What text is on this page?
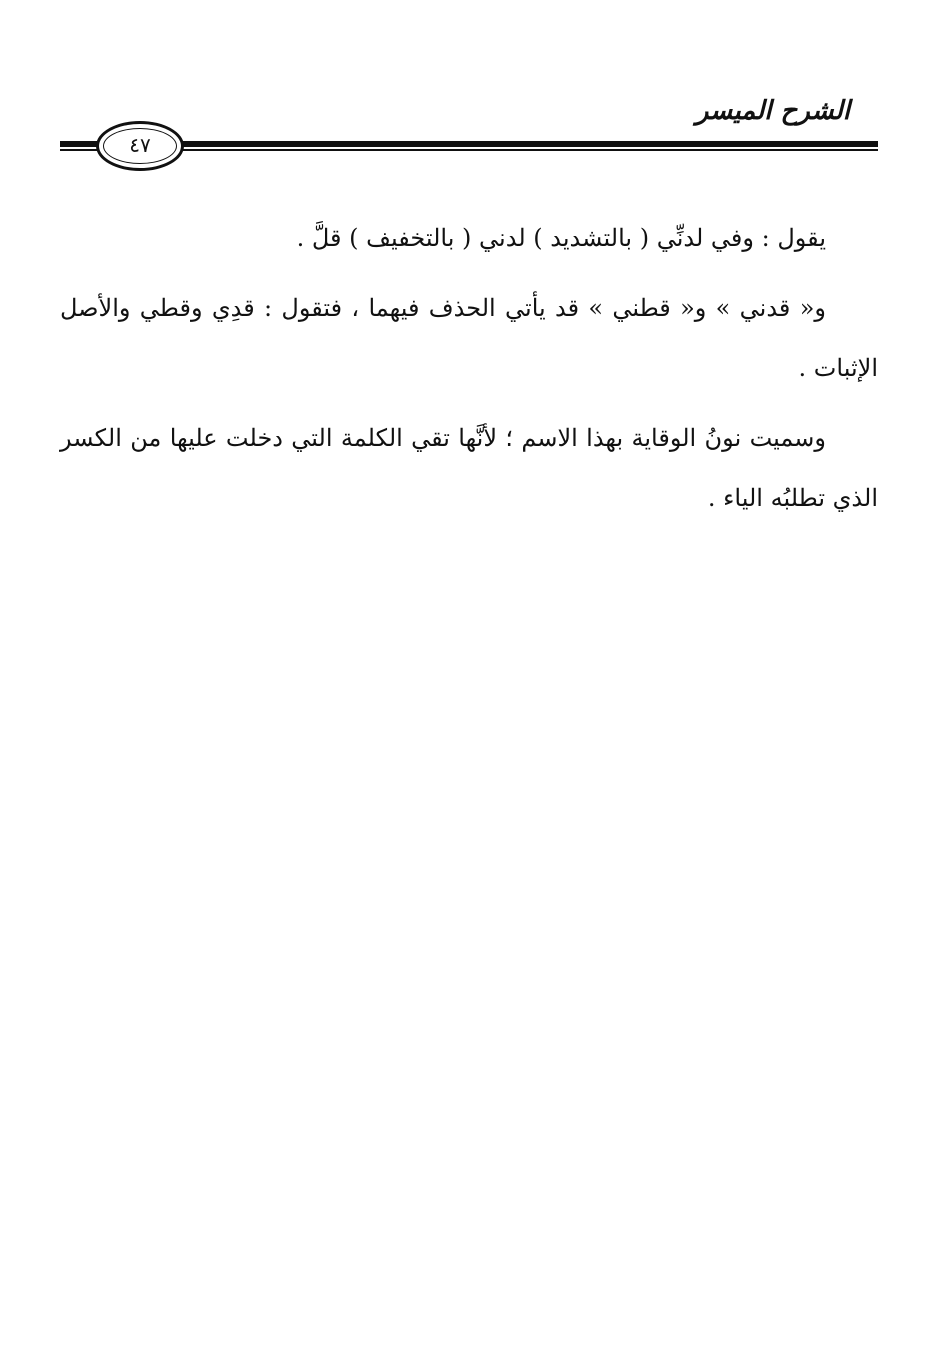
الشرح الميسر
٤٧

يقول : وفي لدنِّي ( بالتشديد ) لدني ( بالتخفيف ) قلَّ .

و« قدني » و« قطني » قد يأتي الحذف فيهما ، فتقول : قدِي وقطي والأصل الإثبات .

وسميت نونُ الوقاية بهذا الاسم ؛ لأنَّها تقي الكلمة التي دخلت عليها من الكسر الذي تطلبُه الياء .
